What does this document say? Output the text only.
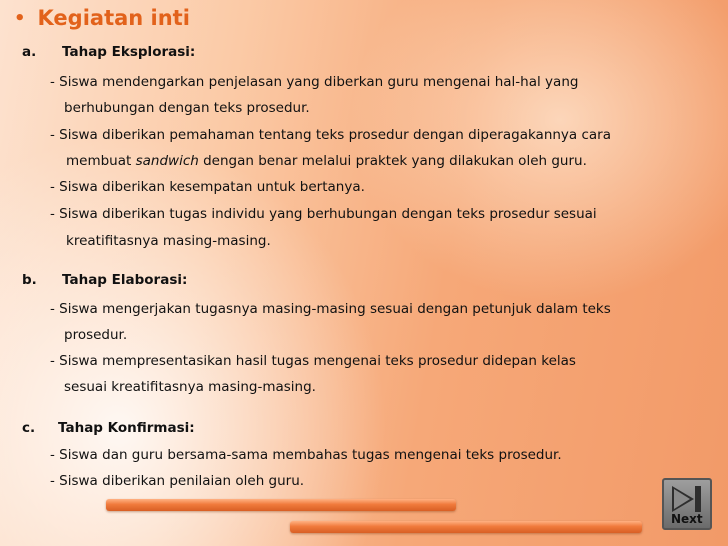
• Kegiatan inti
a. Tahap Eksplorasi:
- Siswa mendengarkan penjelasan yang diberkan guru mengenai hal-hal yang
berhubungan dengan teks prosedur.
- Siswa diberikan pemahaman tentang teks prosedur dengan diperagakannya cara
membuat sandwich dengan benar melalui praktek yang dilakukan oleh guru.
- Siswa diberikan kesempatan untuk bertanya.
- Siswa diberikan tugas individu yang berhubungan dengan teks prosedur sesuai
kreatifitasnya masing-masing.
b. Tahap Elaborasi:
- Siswa mengerjakan tugasnya masing-masing sesuai dengan petunjuk dalam teks
prosedur.
- Siswa mempresentasikan hasil tugas mengenai teks prosedur didepan kelas
sesuai kreatifitasnya masing-masing.
c. Tahap Konfirmasi:
- Siswa dan guru bersama-sama membahas tugas mengenai teks prosedur.
- Siswa diberikan penilaian oleh guru.
Next
